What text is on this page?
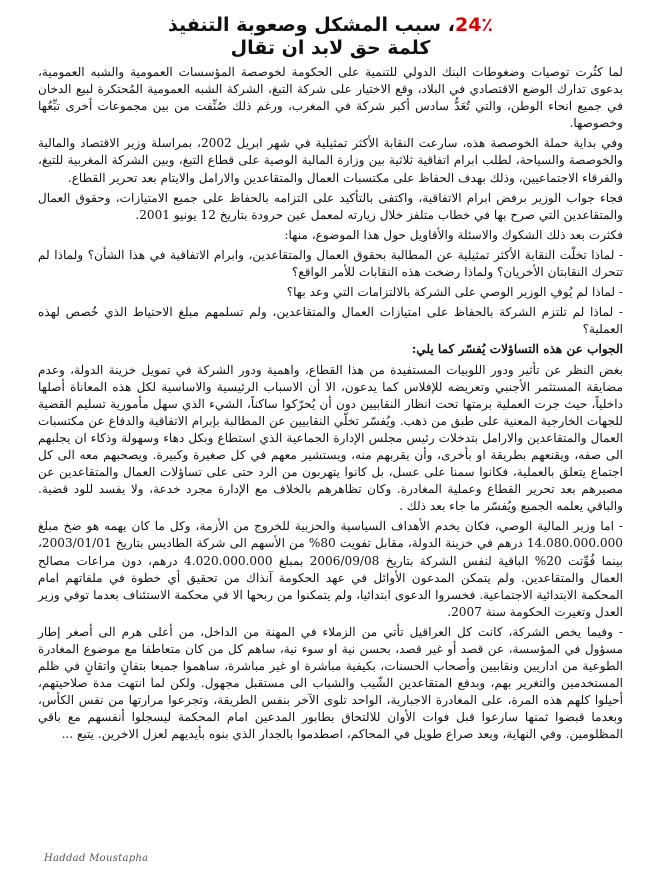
24٪، سبب المشكل وصعوبة التنفيذ
كلمة حق لابد ان تقال

لما كثُرت توصيات وضغوطات البنك الدولي للتنمية على الحكومة لخوصصة المؤسسات العمومية والشبه العمومية، بدعوى تدارك الوضع الاقتصادي في البلاد، وقع الاختيار على شركة التبغ، الشركة الشبه العمومية المُحتكرة لبيع الدخان في جميع انحاء الوطن، والتي تُعَدُّ سادس أكبر شركة في المغرب، ورغم ذلك صُنِّفت من بين مجموعات أخرى تبِّعُها وخصوصها.

وفي بداية حملة الخوصصة هذه، سارعت النقابة الأكثر تمثيلية في شهر ابريل 2002، بمراسلة وزير الاقتصاد والمالية والخوصصة والسياحة، لطلب ابرام اتفاقية ثلاثية بين وزارة المالية الوصية على قطاع التبغ، وبين الشركة المغربية للتبغ، والفرقاء الاجتماعيين، وذلك بهدف الحفاظ على مكتسبات العمال والمتقاعدين والارامل والايتام بعد تحرير القطاع.

فجاء جواب الوزير برفض ابرام الاتفاقية، واكتفى بالتأكيد على التزامه بالحفاظ على جميع الامتيازات، وحقوق العمال والمتقاعدين التي صرح بها في خطاب متلفز خلال زيارته لمعمل عين حرودة بتاريخ 12 يونيو 2001.

فكثرت بعد ذلك الشكوك والاسئلة والأقاويل حول هذا الموضوع، منها:

- لماذا تخلّت النقابة الأكثر تمثيلية عن المطالبة بحقوق العمال والمتقاعدين، وابرام الاتفاقية في هذا الشأن؟ ولماذا لم تتحرك النقابتان الأخريان؟ ولماذا رضخت هذه النقابات للأمر الواقع؟

- لماذا لم يُوفِ الوزير الوصي على الشركة بالالتزامات التي وعد بها؟

- لماذا لم تلتزم الشركة بالحفاظ على امتيازات العمال والمتقاعدين، ولم تسلمهم مبلغ الاحتياط الذي خُصص لهذه العملية؟

الجواب عن هذه التساؤلات يُفسّر كما يلي:

بغض النظر عن تأثير ودور اللوبيات المستفيدة من هذا القطاع، واهمية ودور الشركة في تمويل خزينة الدولة، وعدم مضايقة المستثمر الأجنبي وتعريضه للإفلاس كما يدعون، الا أن الاسباب الرئيسية والاساسية لكل هذه المعاناة أصلها داخلياً، حيث جرت العملية برمتها تحت انظار النقابيين دون أن يُحرّكوا ساكناً، الشيء الذي سهل مأمورية تسليم القضية للجهات الخارجية المعنية على طبق من ذهب. ويُفسّر تخلّي النقابيين عن المطالبة بإبرام الاتفاقية والدفاع عن مكتسبات العمال والمتقاعدين والارامل بتدخلات رئيس مجلس الإدارة الجماعية الذي استطاع وبكل دهاء وسهولة وذكاء ان يجلبهم الى صفه، ويقنعهم بطريقة او بأخرى، وأن يقربهم منه، ويستشير معهم في كل صغيرة وكبيرة. ويصحبهم معه الى كل اجتماع يتعلق بالعملية، فكانوا سمنا على عسل، بل كانوا يتهربون من الرد حتى على تساؤلات العمال والمتقاعدين عن مصيرهم بعد تحرير القطاع وعملية المغادرة. وكان تظاهرهم بالخلاف مع الإدارة مجرد خدعة، ولا يفسد للود قضية. والباقي يعلمه الجميع ويُفسّر ما جاء بعد ذلك .

- اما وزير المالية الوصي، فكان يخدم الأهداف السياسية والحزبية للخروج من الأزمة، وكل ما كان يهمه هو ضخ مبلغ 14.080.000.000 درهم في خزينة الدولة، مقابل تفويت 80% من الأسهم الى شركة الطاديس بتاريخ 2003/01/01، بينما فُوِّتت 20% الباقية لنفس الشركة بتاريخ 2006/09/08 بمبلغ 4.020.000.000 درهم، دون مراعات مصالح العمال والمتقاعدين. ولم يتمكن المدعون الأوائل في عهد الحكومة آنذاك من تحقيق أي خطوة في ملفاتهم امام المحكمة الابتدائية الاجتماعية. فخسروا الدعوى ابتدائيا، ولم يتمكنوا من ربحها الا في محكمة الاستئناف بعدما توفي وزير العدل وتغيرت الحكومة سنة 2007.

- وفيما يخص الشركة، كانت كل العراقيل تأتي من الزملاء في المهنة من الداخل، من أعلى هرم الى أصغر إطار مسؤول في المؤسسة، عن قصد أو غير قصد، بحسن نية او سوء نية، ساهم كل من كان متعاطفا مع موضوع المغادرة الطوعية من اداريين ونقابيين وأصحاب الحسنات، بكيفية مباشرة او غير مباشرة، ساهموا جميعا بتفانٍ واتقانٍ في ظلم المستخدمين والتغرير بهم، وبدفع المتقاعدين الشّيب والشباب الى مستقبل مجهول. ولكن لما انتهت مدة صلاحيتهم، أحيلوا كلهم هذه المرة، على المغادرة الاجبارية، الواحد تلوى الآخر بنفس الطريقة، وتجرعوا مرارتها من نفس الكأس، وبعدما قبضوا ثمنها سارعوا قبل فوات الأوان للالتحاق بطابور المدعين امام المحكمة ليسجلوا أنفسهم مع باقي المظلومين. وفي النهاية، وبعد صراع طويل في المحاكم، اصطدموا بالجدار الذي بنوه بأيديهم لعزل الاخرين. يتبع ...

Haddad Moustapha
